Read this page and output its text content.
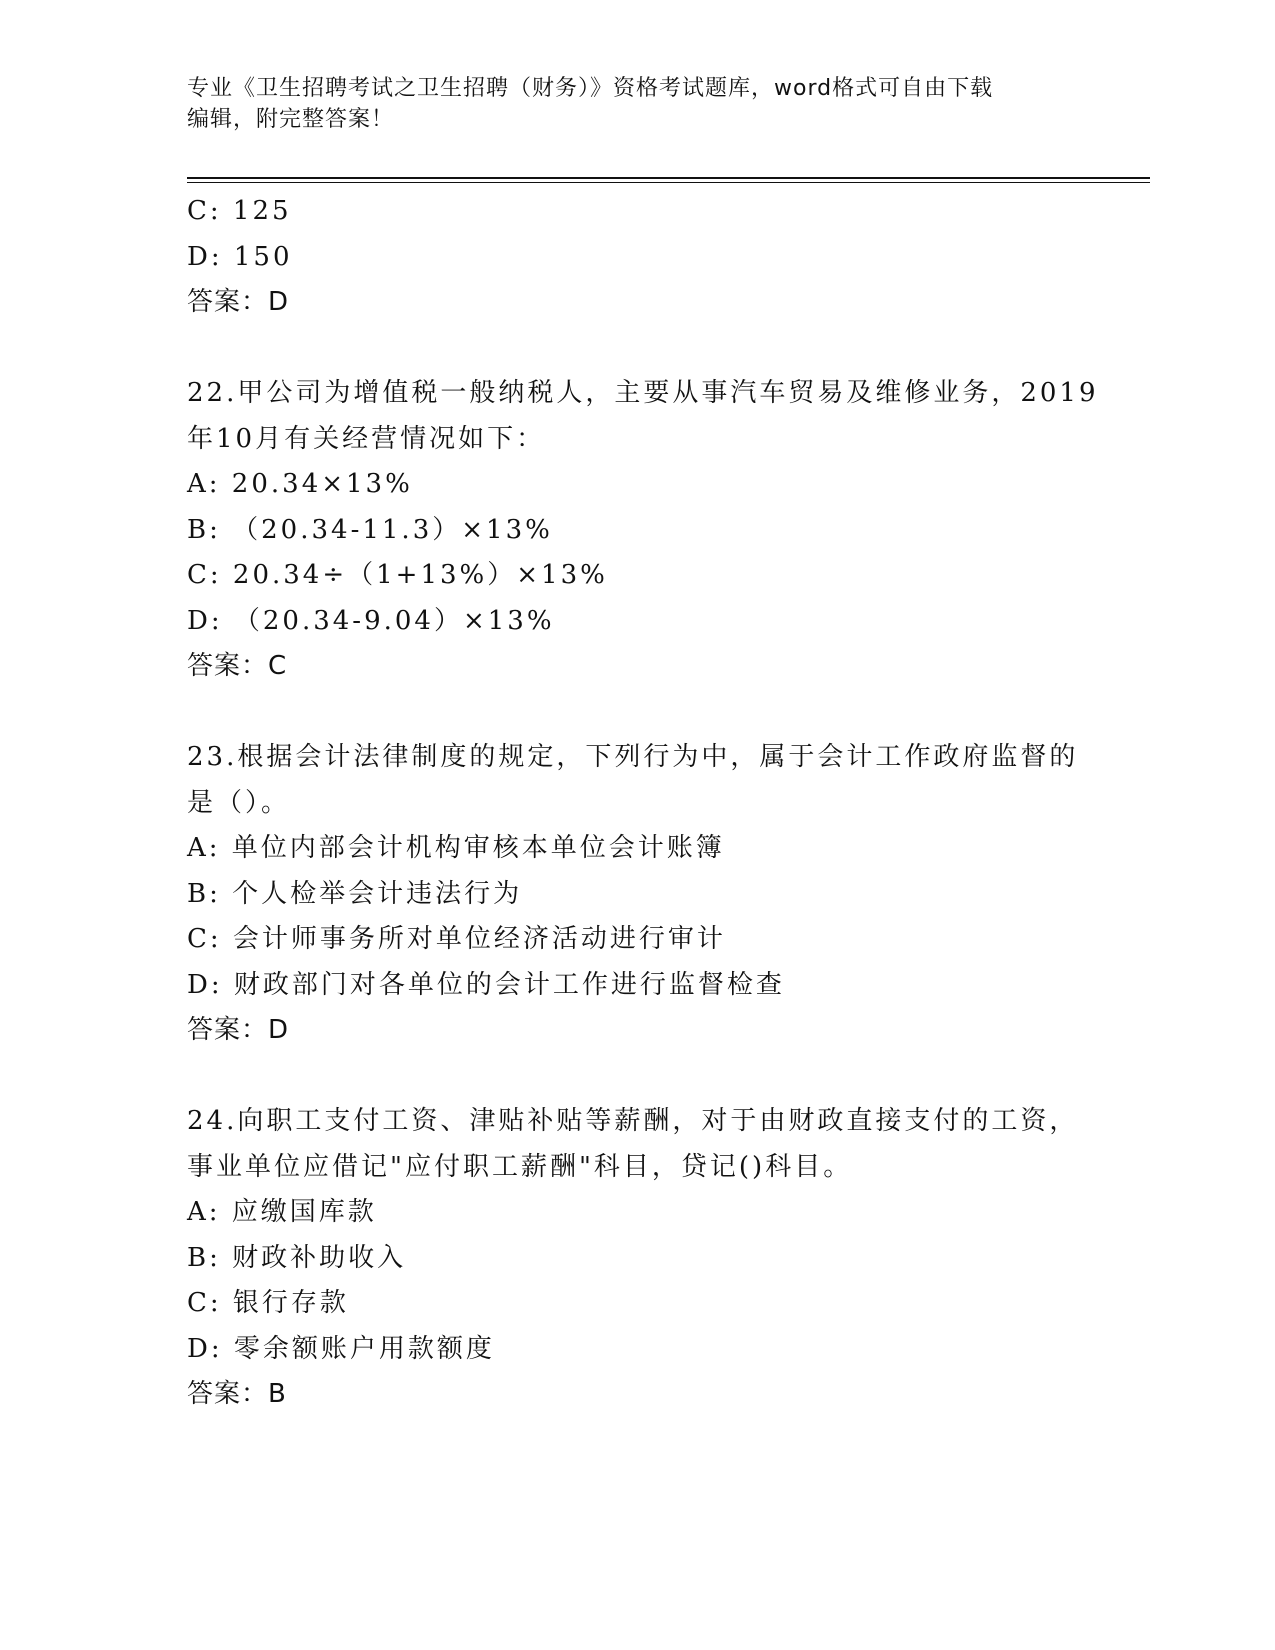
专业《卫生招聘考试之卫生招聘（财务）》资格考试题库，word格式可自由下载
编辑，附完整答案！
C: 125
D: 150
答案：D
22.甲公司为增值税一般纳税人，主要从事汽车贸易及维修业务，2019
年10月有关经营情况如下：
A: 20.34×13%
B: （20.34-11.3）×13%
C: 20.34÷（1+13%）×13%
D: （20.34-9.04）×13%
答案：C
23.根据会计法律制度的规定，下列行为中，属于会计工作政府监督的
是（）。
A: 单位内部会计机构审核本单位会计账簿
B: 个人检举会计违法行为
C: 会计师事务所对单位经济活动进行审计
D: 财政部门对各单位的会计工作进行监督检查
答案：D
24.向职工支付工资、津贴补贴等薪酬，对于由财政直接支付的工资，
事业单位应借记"应付职工薪酬"科目，贷记()科目。
A: 应缴国库款
B: 财政补助收入
C: 银行存款
D: 零余额账户用款额度
答案：B
